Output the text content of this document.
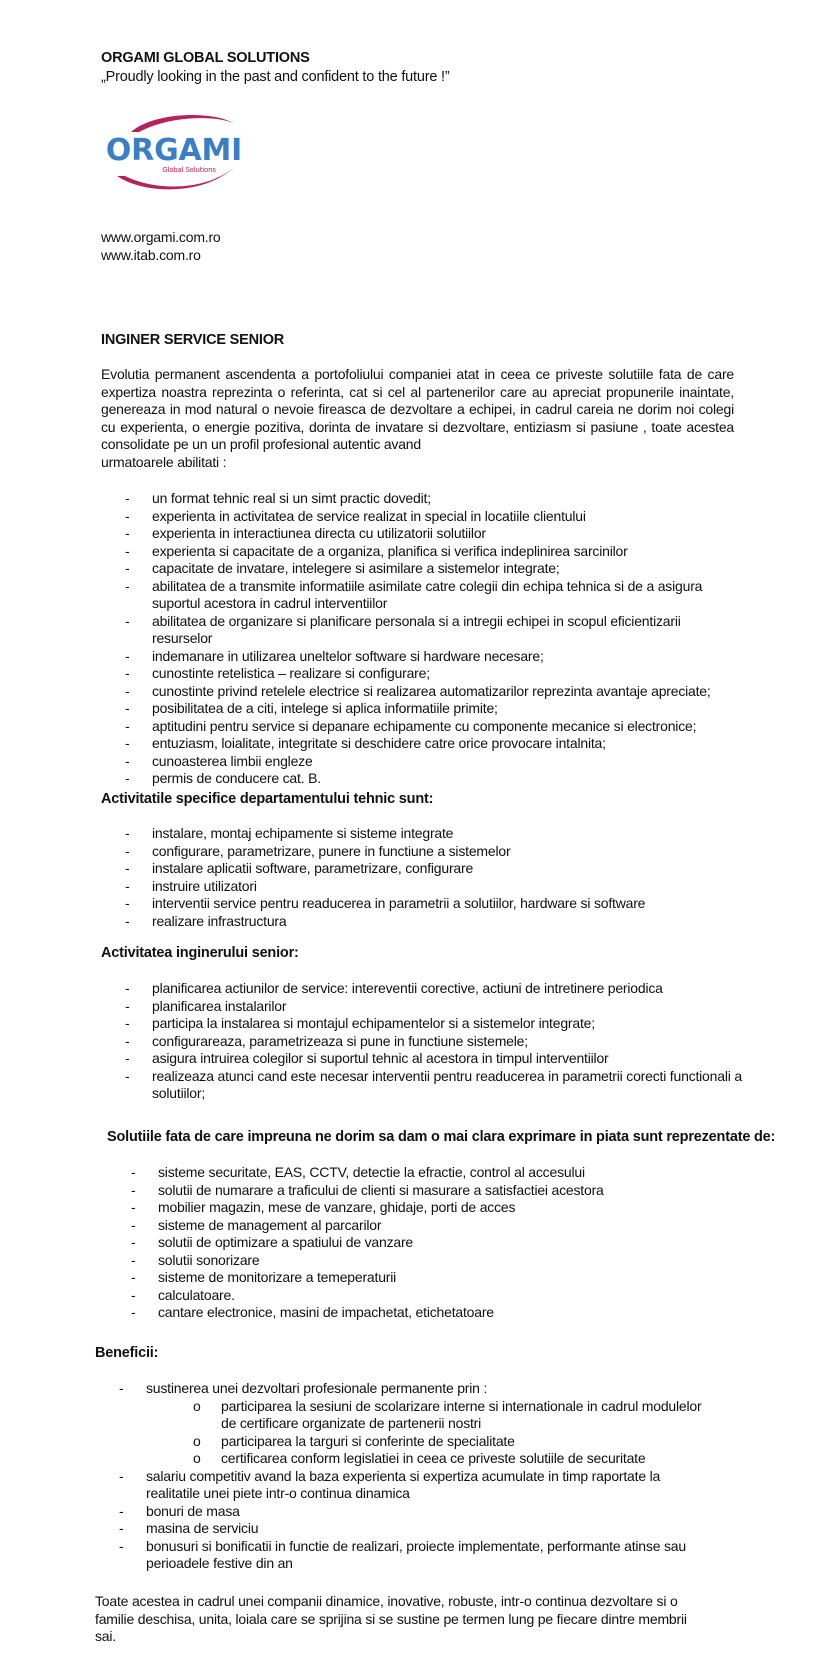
ORGAMI GLOBAL SOLUTIONS
„Proudly looking in the past and confident to the future !”
ORGAMI
Global Solutions
www.orgami.com.ro
www.itab.com.ro
INGINER SERVICE SENIOR
Evolutia permanent ascendenta a portofoliului companiei atat in ceea ce priveste solutiile fata de care expertiza noastra reprezinta o referinta, cat si cel al partenerilor care au apreciat propunerile inaintate, genereaza in mod natural o nevoie fireasca de dezvoltare a echipei, in cadrul careia ne dorim noi colegi cu experienta, o energie pozitiva, dorinta de invatare si dezvoltare, entiziasm si pasiune , toate acestea consolidate pe un un profil profesional autentic avand
urmatoarele abilitati :
- un format tehnic real si un simt practic dovedit;
- experienta in activitatea de service realizat in special in locatiile clientului
- experienta in interactiunea directa cu utilizatorii solutiilor
- experienta si capacitate de a organiza, planifica si verifica indeplinirea sarcinilor
- capacitate de invatare, intelegere si asimilare a sistemelor integrate;
- abilitatea de a transmite informatiile asimilate catre colegii din echipa tehnica si de a asigura suportul acestora in cadrul interventiilor
- abilitatea de organizare si planificare personala si a intregii echipei in scopul eficientizarii resurselor
- indemanare in utilizarea uneltelor software si hardware necesare;
- cunostinte retelistica – realizare si configurare;
- cunostinte privind retelele electrice si realizarea automatizarilor reprezinta avantaje apreciate;
- posibilitatea de a citi, intelege si aplica informatiile primite;
- aptitudini pentru service si depanare echipamente cu componente mecanice si electronice;
- entuziasm, loialitate, integritate si deschidere catre orice provocare intalnita;
- cunoasterea limbii engleze
- permis de conducere cat. B.
Activitatile specifice departamentului tehnic sunt:
- instalare, montaj echipamente si sisteme integrate
- configurare, parametrizare, punere in functiune a sistemelor
- instalare aplicatii software, parametrizare, configurare
- instruire utilizatori
- interventii service pentru readucerea in parametrii a solutiilor, hardware si software
- realizare infrastructura
Activitatea inginerului senior:
- planificarea actiunilor de service: intereventii corective, actiuni de intretinere periodica
- planificarea instalarilor
- participa la instalarea si montajul echipamentelor si a sistemelor integrate;
- configurareaza, parametrizeaza si pune in functiune sistemele;
- asigura intruirea colegilor si suportul tehnic al acestora in timpul interventiilor
- realizeaza atunci cand este necesar interventii pentru readucerea in parametrii corecti functionali a solutiilor;
Solutiile fata de care impreuna ne dorim sa dam o mai clara exprimare in piata sunt reprezentate de:
- sisteme securitate, EAS, CCTV, detectie la efractie, control al accesului
- solutii de numarare a traficului de clienti si masurare a satisfactiei acestora
- mobilier magazin, mese de vanzare, ghidaje, porti de acces
- sisteme de management al parcarilor
- solutii de optimizare a spatiului de vanzare
- solutii sonorizare
- sisteme de monitorizare a temeperaturii
- calculatoare.
- cantare electronice, masini de impachetat, etichetatoare
Beneficii:
- sustinerea unei dezvoltari profesionale permanente prin :
o participarea la sesiuni de scolarizare interne si internationale in cadrul modulelor de certificare organizate de partenerii nostri
o participarea la targuri si conferinte de specialitate
o certificarea conform legislatiei in ceea ce priveste solutiile de securitate
- salariu competitiv avand la baza experienta si expertiza acumulate in timp raportate la realitatile unei piete intr-o continua dinamica
- bonuri de masa
- masina de serviciu
- bonusuri si bonificatii in functie de realizari, proiecte implementate, performante atinse sau perioadele festive din an
Toate acestea in cadrul unei companii dinamice, inovative, robuste, intr-o continua dezvoltare si o familie deschisa, unita, loiala care se sprijina si se sustine pe termen lung pe fiecare dintre membrii sai.
